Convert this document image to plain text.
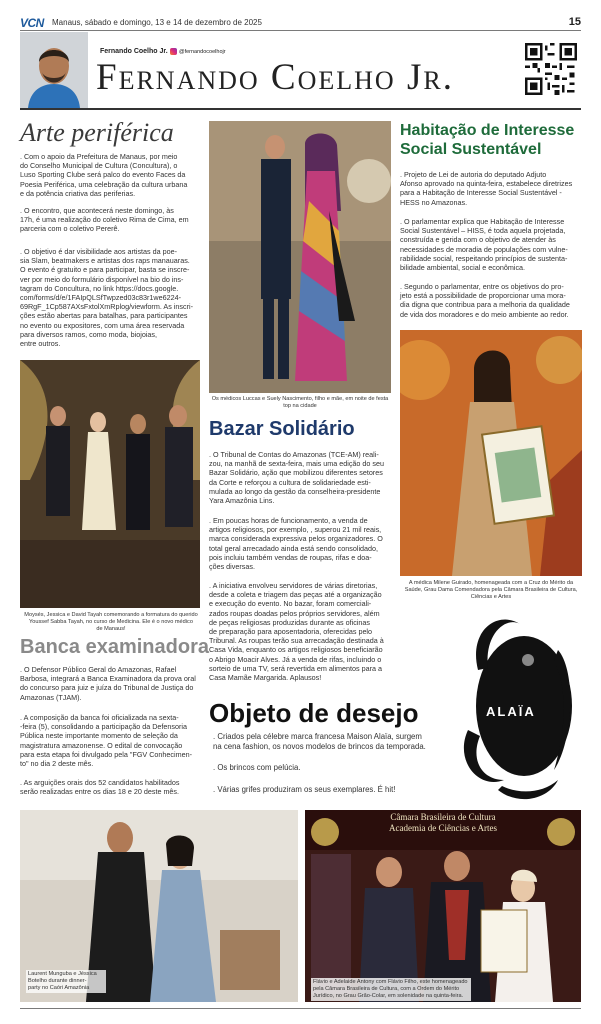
VCN Manaus, sábado e domingo, 13 e 14 de dezembro de 2025	15
Fernando Coelho Jr. @fernandocoelhojr
Fernando Coelho Jr.
Arte periférica
. Com o apoio da Prefeitura de Manaus, por meio
do Conselho Municipal de Cultura (Concultura), o
Luso Sporting Clube será palco do evento Faces da
Poesia Periférica, uma celebração da cultura urbana
e da potência criativa das periferias.
. O encontro, que acontecerá neste domingo, às
17h, é uma realização do coletivo Rima de Cima, em
parceria com o coletivo Pererê.
. O objetivo é dar visibilidade aos artistas da poe-
sia Slam, beatmakers e artistas dos raps manauaras.
O evento é gratuito e para participar, basta se inscre-
ver por meio do formulário disponível na bio do ins-
tagram do Concultura, no link https://docs.google.
com/forms/d/e/1FAIpQLSfTwpzed03c83r1we6224-
69RgF_1Cp587AXsFxtolXmRplog/viewform. As inscri-
ções estão abertas para batalhas, para participantes
no evento ou expositores, com uma área reservada
para diversos ramos, como moda, biojoias,
entre outros.
Moysés, Jessica e David Tayah comemorando a formatura do querido
Youssef Sabba Tayah, no curso de Medicina. Ele é o novo médico
de Manaus!
Banca examinadora
. O Defensor Público Geral do Amazonas, Rafael
Barbosa, integrará a Banca Examinadora da prova oral
do concurso para juiz e juíza do Tribunal de Justiça do
Amazonas (TJAM).
. A composição da banca foi oficializada na sexta-
-feira (5), consolidando a participação da Defensoria
Pública neste importante momento de seleção da
magistratura amazonense. O edital de convocação
para esta etapa foi divulgado pela "FGV Conhecimen-
to" no dia 2 deste mês.
. As arguições orais dos 52 candidatos habilitados
serão realizadas entre os dias 18 e 20 deste mês.
Os médicos Luccas e Suely Nascimento, filho e mãe, em noite de festa
top na cidade
Bazar Solidário
. O Tribunal de Contas do Amazonas (TCE-AM) reali-
zou, na manhã de sexta-feira, mais uma edição do seu
Bazar Solidário, ação que mobilizou diferentes setores
da Corte e reforçou a cultura de solidariedade esti-
mulada ao longo da gestão da conselheira-presidente
Yara Amazônia Lins.
. Em poucas horas de funcionamento, a venda de
artigos religiosos, por exemplo, , superou 21 mil reais,
marca considerada expressiva pelos organizadores. O
total geral arrecadado ainda está sendo consolidado,
pois incluiu também vendas de roupas, rifas e doa-
ções diversas.
. A iniciativa envolveu servidores de várias diretorias,
desde a coleta e triagem das peças até a organização
e execução do evento. No bazar, foram comerciali-
zados roupas doadas pelos próprios servidores, além
de peças religiosas produzidas durante as oficinas
de preparação para aposentadoria, oferecidas pelo
Tribunal. As roupas terão sua arrecadação destinada à
Casa Vida, enquanto os artigos religiosos beneficiarão
o Abrigo Moacir Alves. Já a venda de rifas, incluindo o
sorteio de uma TV, será revertida em alimentos para a
Casa Mamãe Margarida. Aplausos!
Habitação de Interesse Social Sustentável
. Projeto de Lei de autoria do deputado Adjuto
Afonso aprovado na quinta-feira, estabelece diretrizes
para a Habitação de Interesse Social Sustentável -
HESS no Amazonas.
. O parlamentar explica que Habitação de Interesse
Social Sustentável – HISS, é toda aquela projetada,
construída e gerida com o objetivo de atender às
necessidades de moradia de populações com vulne-
rabilidade social, respeitando princípios de sustenta-
bilidade ambiental, social e econômica.
. Segundo o parlamentar, entre os objetivos do pro-
jeto está a possibilidade de proporcionar uma mora-
dia digna que contribua para a melhoria da qualidade
de vida dos moradores e do meio ambiente ao redor.
A médica Milene Guirado, homenageada com a Cruz do Mérito da
Saúde, Grau Dama Comendadora pela Câmara Brasileira de Cultura,
Ciências e Artes
ALAÏA
Objeto de desejo
. Criados pela célebre marca francesa Maison Alaïa, surgem
na cena fashion, os novos modelos de brincos da temporada.
. Os brincos com pelúcia.
. Várias grifes produziram os seus exemplares. É hit!
Laurent Munguba e Jéssica
Botelho durante dinner-
party no Caóri Amazônia
Câmara Brasileira de Cultura
Academia de Ciências e Artes
Flávio e Adelaide Antony com Flávio Filho, este homenageado
pela Câmara Brasileira de Cultura, com a Ordem do Mérito
Jurídico, no Grau Grão-Colar, em solenidade na quinta-feira.
